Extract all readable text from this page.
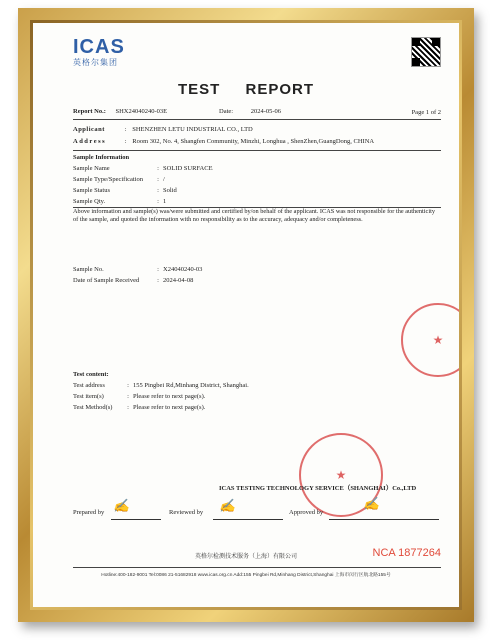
ICAS
英格尔集团
TEST REPORT
Report No.: SHX24040240-03E	Date:	2024-05-06	Page 1 of 2
Applicant	: SHENZHEN LETU INDUSTRIAL CO., LTD
Address	: Room 302, No. 4, Shangfen Community, Minzhi, Longhua , ShenZhen,GuangDong, CHINA
Sample Information
Sample Name	: SOLID SURFACE
Sample Type/Specification : /
Sample Status	: Solid
Sample Qty.	: 1
Above information and sample(s) was/were submitted and certified by/on behalf of the applicant. ICAS was not responsible for the authenticity of the sample, and quoted the information with no responsibility as to the accuracy, adequacy and/or completeness.
Sample No.	: X24040240-03
Date of Sample Received	: 2024-04-08
Test content:
Test address	: 155 Pingbei Rd,Minhang District, Shanghai.
Test item(s)	: Please refer to next page(s).
Test Method(s) : Please refer to next page(s).
★
★
ICAS TESTING TECHNOLOGY SERVICE（SHANGHAI）Co.,LTD
Prepared by ✍	Reviewed by ✍	Approved by
✍
英格尔检测技术服务（上海）有限公司	NCA 1877264
Hotline:400-182-9001 Tel:0086 21-51682918 www.icas.org.cn Add:155 Pingbei Rd,Minhang District,Shanghai 上海市闵行区航北路155号
